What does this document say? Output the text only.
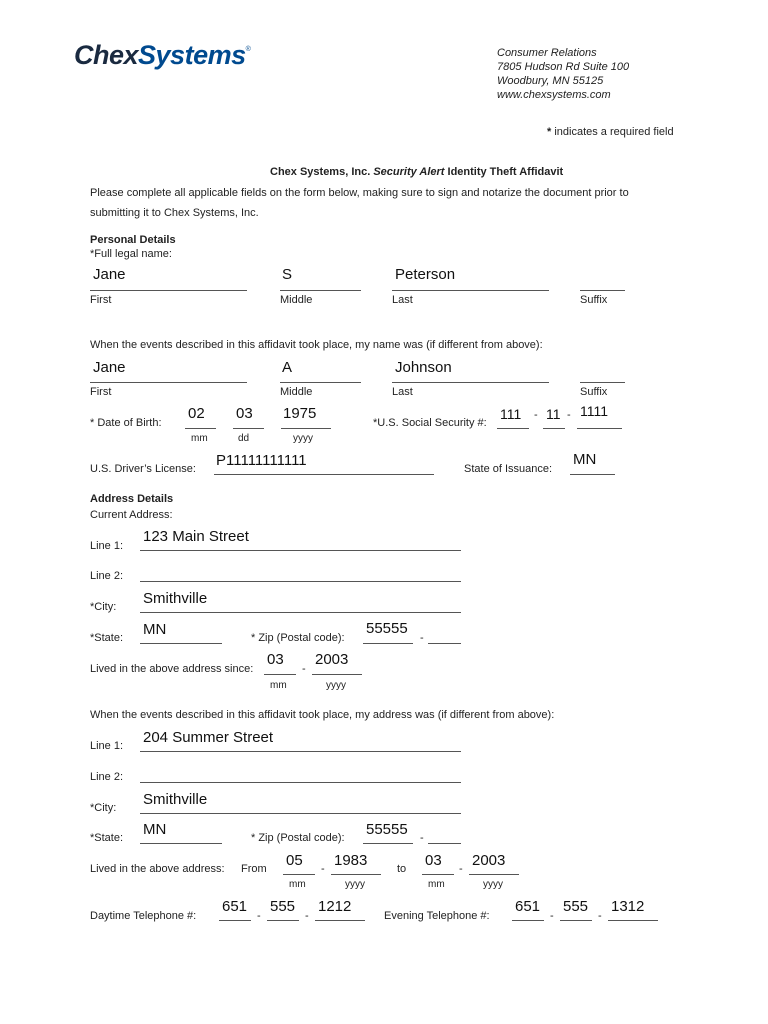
ChexSystems®	Consumer Relations
7805 Hudson Rd Suite 100
Woodbury, MN 55125
www.chexsystems.com
* indicates a required field
Chex Systems, Inc. Security Alert Identity Theft Affidavit
Please complete all applicable fields on the form below, making sure to sign and notarize the document prior to
submitting it to Chex Systems, Inc.
Personal Details
*Full legal name:
Jane	S	Peterson
First	Middle	Last	Suffix
When the events described in this affidavit took place, my name was (if different from above):
Jane	A	Johnson
First	Middle	Last	Suffix
* Date of Birth:
02 03 1975
mm	dd	yyyy
*U.S. Social Security #:
111 - 11 - 1111
U.S. Driver’s License: P11111111111	State of Issuance:
MN
Address Details
Current Address:
Line 1:
123 Main Street
Line 2:
*City: Smithville
*State: MN	* Zip (Postal code):
55555
-
Lived in the above address since:
03
-
2003
mm	yyyy
When the events described in this affidavit took place, my address was (if different from above):
Line 1: 204 Summer Street
Line 2:
*City: Smithville
*State: MN	* Zip (Postal code): 55555 -
Lived in the above address: From 05 - 1983	to 03 - 2003
mm	yyyy	mm	yyyy
Daytime Telephone #:
651
-
555
-
1212
Evening Telephone #:
651
-
555
-
1312
